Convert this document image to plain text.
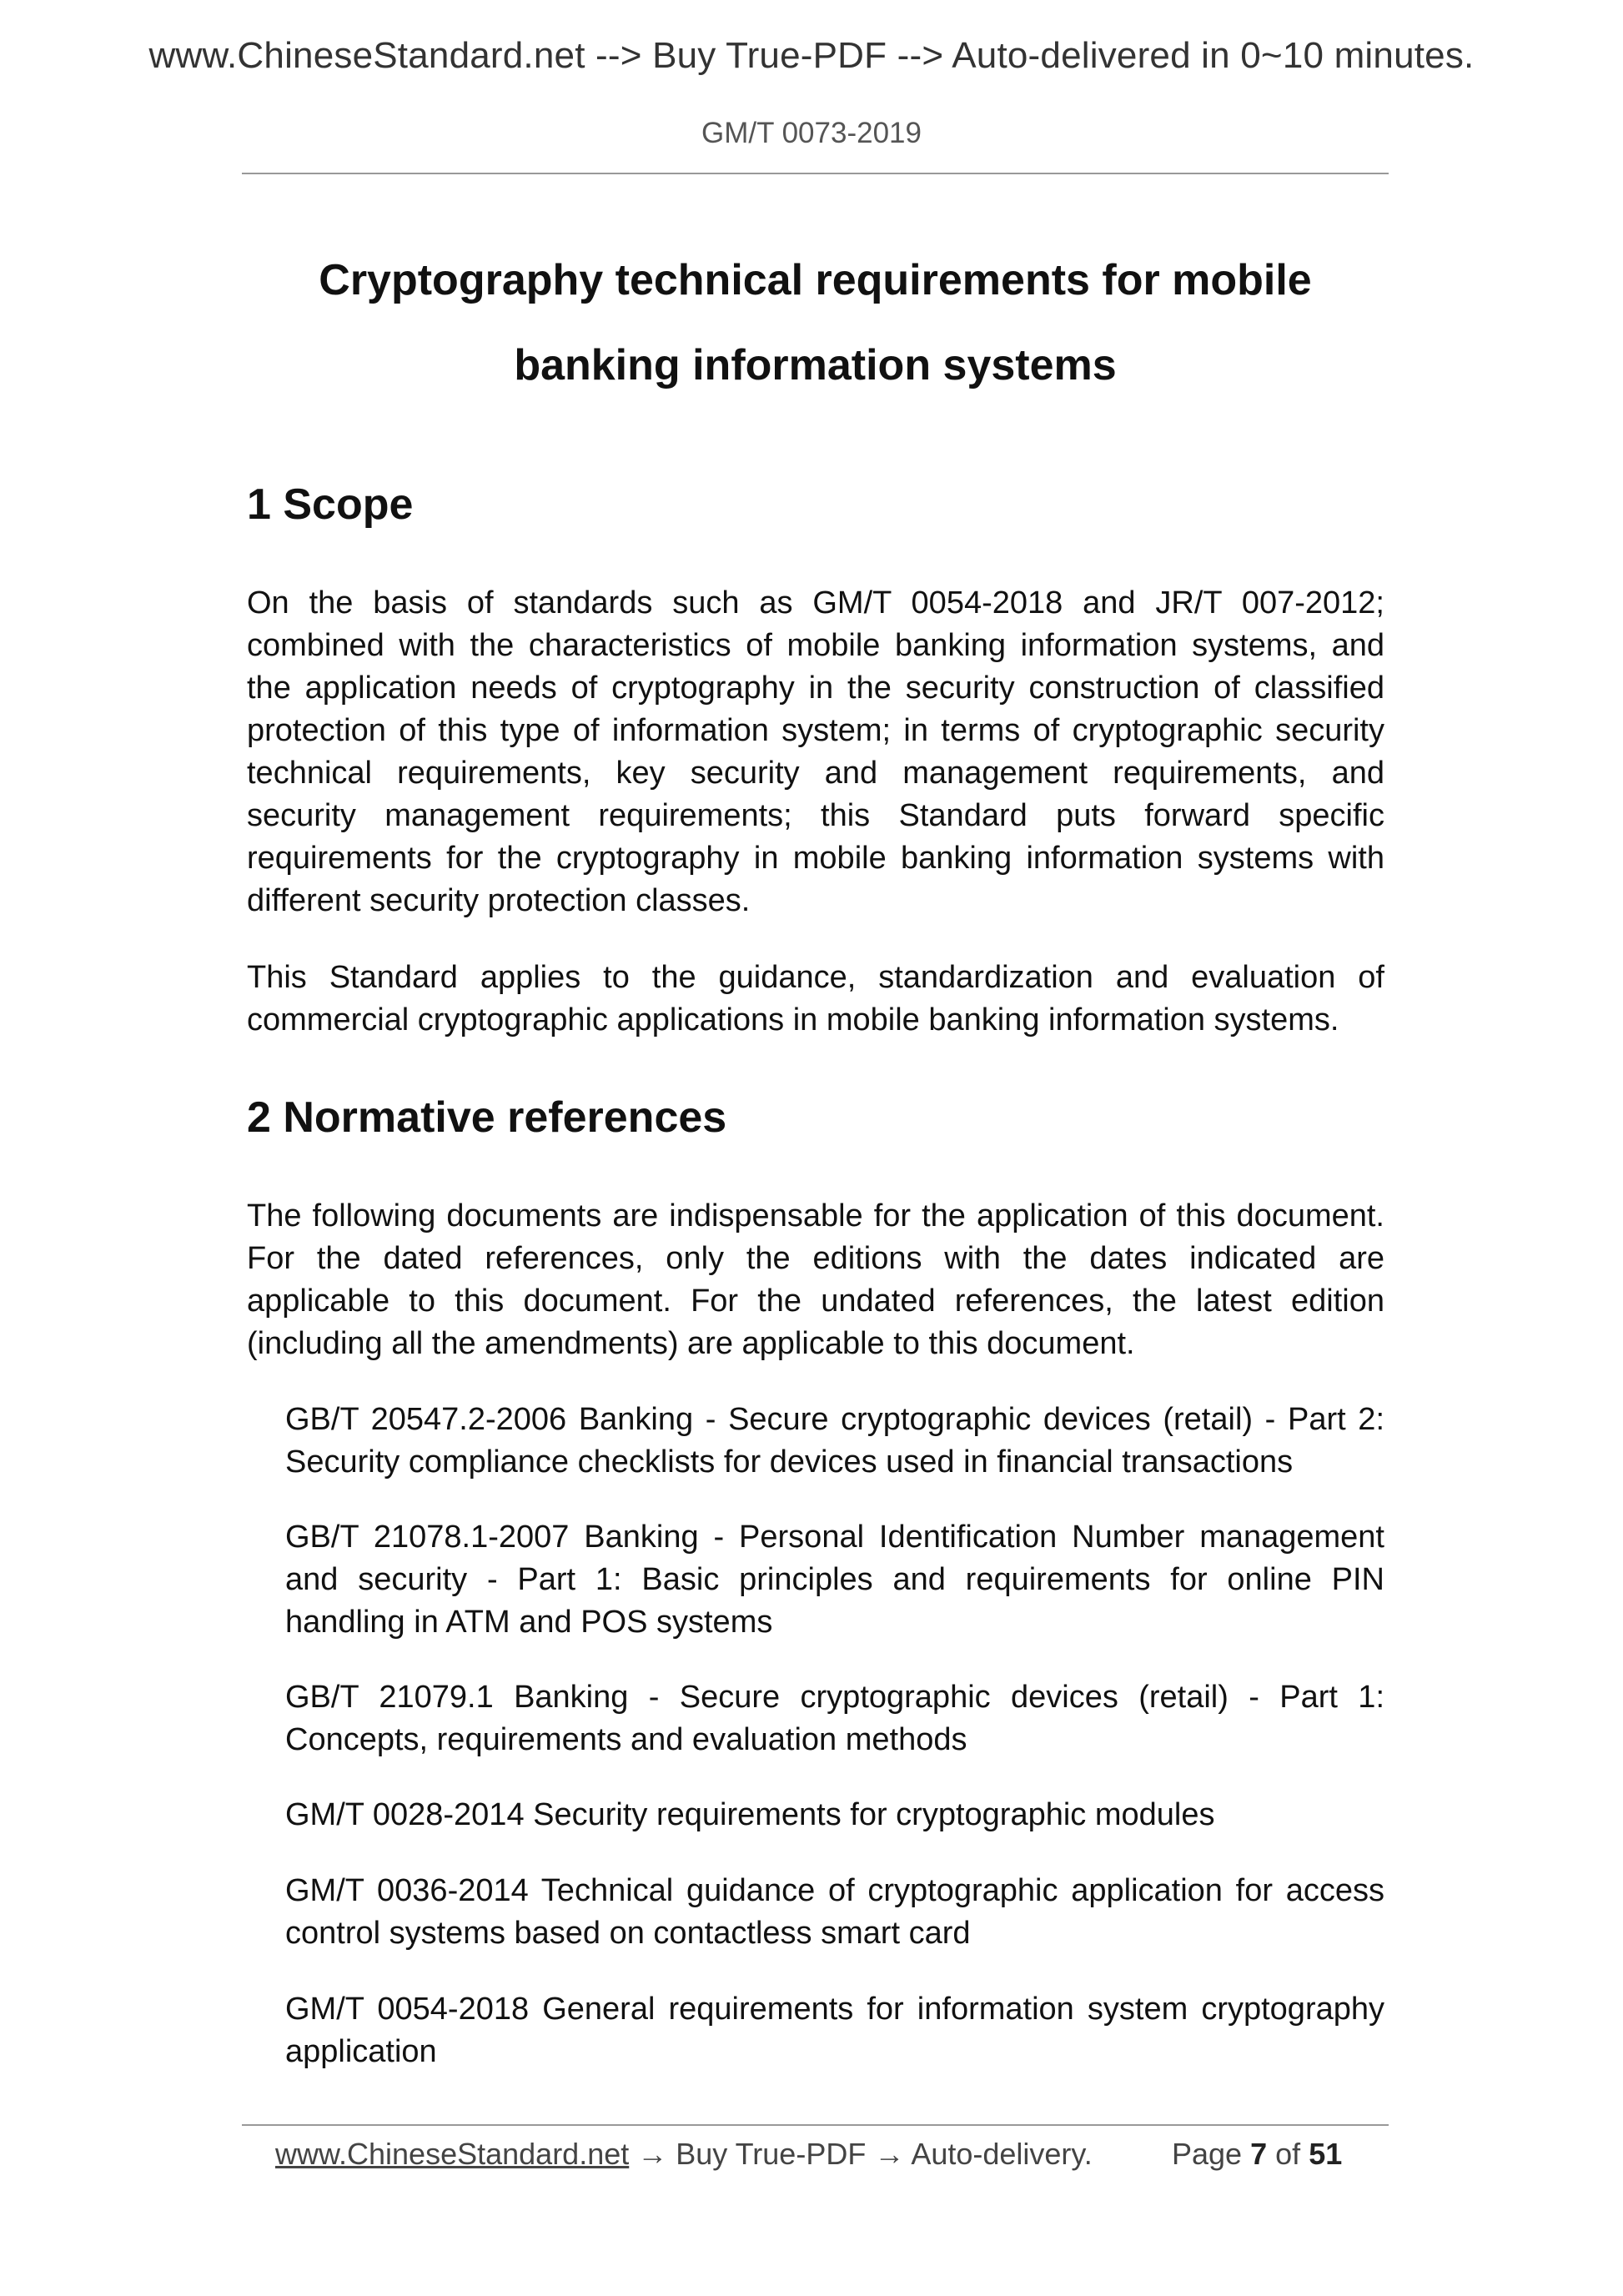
www.ChineseStandard.net --> Buy True-PDF --> Auto-delivered in 0~10 minutes.
GM/T 0073-2019
Cryptography technical requirements for mobile
banking information systems
1 Scope

On the basis of standards such as GM/T 0054-2018 and JR/T 007-2012; combined with the characteristics of mobile banking information systems, and the application needs of cryptography in the security construction of classified protection of this type of information system; in terms of cryptographic security technical requirements, key security and management requirements, and security management requirements; this Standard puts forward specific requirements for the cryptography in mobile banking information systems with different security protection classes.

This Standard applies to the guidance, standardization and evaluation of commercial cryptographic applications in mobile banking information systems.

2 Normative references

The following documents are indispensable for the application of this document. For the dated references, only the editions with the dates indicated are applicable to this document. For the undated references, the latest edition (including all the amendments) are applicable to this document.

GB/T 20547.2-2006 Banking - Secure cryptographic devices (retail) - Part 2: Security compliance checklists for devices used in financial transactions

GB/T 21078.1-2007 Banking - Personal Identification Number management and security - Part 1: Basic principles and requirements for online PIN handling in ATM and POS systems

GB/T 21079.1 Banking - Secure cryptographic devices (retail) - Part 1: Concepts, requirements and evaluation methods

GM/T 0028-2014 Security requirements for cryptographic modules

GM/T 0036-2014 Technical guidance of cryptographic application for access control systems based on contactless smart card

GM/T 0054-2018 General requirements for information system cryptography application

www.ChineseStandard.net → Buy True-PDF → Auto-delivery.	Page 7 of 51
